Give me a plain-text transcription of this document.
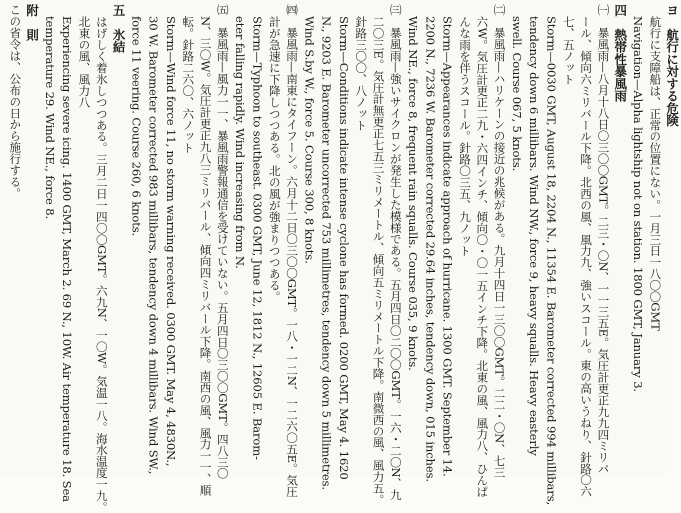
ヨ　航行に対する危険
航行に支障船は、正常の位置にない。一月三日一八〇〇GMT
Navigation—Alpha lightship not on station. 1800 GMT, January 3.
四　熱帯性暴風雨
㈠　暴風雨—八月十八日〇三〇〇GMT。二三・〇N、一一三五E。気圧計更正九九四ミリバ
ール、傾向六ミリバール下降。北西の風、風力九、強いスコール。東の高いうねり、針路〇六
七、五ノット
Storm—0030 GMT, August 18, 2204 N., 11354 E. Barometer corrected 994 millibars,
tendency down 6 millibars. Wind NW., force 9, heavy squalls. Heavy easterly
swell. Course 067, 5 knots.
㈡　暴風雨—ハリケーンの接近の兆候がある。九月十四日一三〇〇GMT。二二・〇N、七三
六W。気圧計更正二九・六四インチ、傾向〇・〇一五インチ下降。北東の風、風力八、ひんぱ
んな雨を伴うスコール。針路〇三五、九ノット
Storm—Appearances indicate approach of hurricane. 1300 GMT. September 14.
2200 N., 7236 W. Barometer corrected 29.64 inches, tendency down, 015 inches.
Wind NE., force 8, frequent rain squalls. Course 035, 9 knots.
㈢　暴風雨—強いサイクロンが発生した模様である。五月四日〇二〇〇GMT。一六・二〇N、九
二〇三E。気圧計無更正七五三ミリメートル、傾向五ミリメートル下降。南微西の風、風力五。
針路三〇〇、八ノット
Storm—Conditions indicate intense cyclone has formed. 0200 GMT, May 4. 1620
N., 9203 E. Barometer uncorrected 753 millimetres, tendency down 5 millimetres.
Wind S.by W., force 5. Course 300, 8 knots.
㈣　暴風雨—南東にタイフーン。六月十二日〇三〇〇GMT。一八・一二N、一二六〇五E。気圧
計が急速に下降しつつある。北の風が強まりつつある。
Storm—Typhoon to southeast. 0300 GMT, June 12, 1812 N., 12605 E. Barom-
eter falling rapidly. Wind increasing from N.
㈤　暴風雨—風力一一、暴風雨警報通信を受けていない。五月四日〇三〇〇GMT。四八三〇
N、三〇W。気圧計更正九八三ミリバール、傾向四ミリバール下降。南西の風、風力一一、順
転。針路二六〇、六ノット
Storm—Wind force 11, no storm warning received. 0300 GMT. May 4, 4830N.,
30 W. Barometer corrected 983 millibars, tendency down 4 millibars. Wind SW.,
force 11 veering. Course 260, 6 knots.
五　氷結
はげしく着氷しつつある。三月二日一四〇〇GMT。六九N、一〇W。気温一八。海水温度一九。
北東の風、風力八
Experiencing severe icing. 1400 GMT, March 2. 69 N., 10W. Air temperature 18. Sea
temperature 29. Wind NE., force 8.
附　則
この省令は、公布の日から施行する。
